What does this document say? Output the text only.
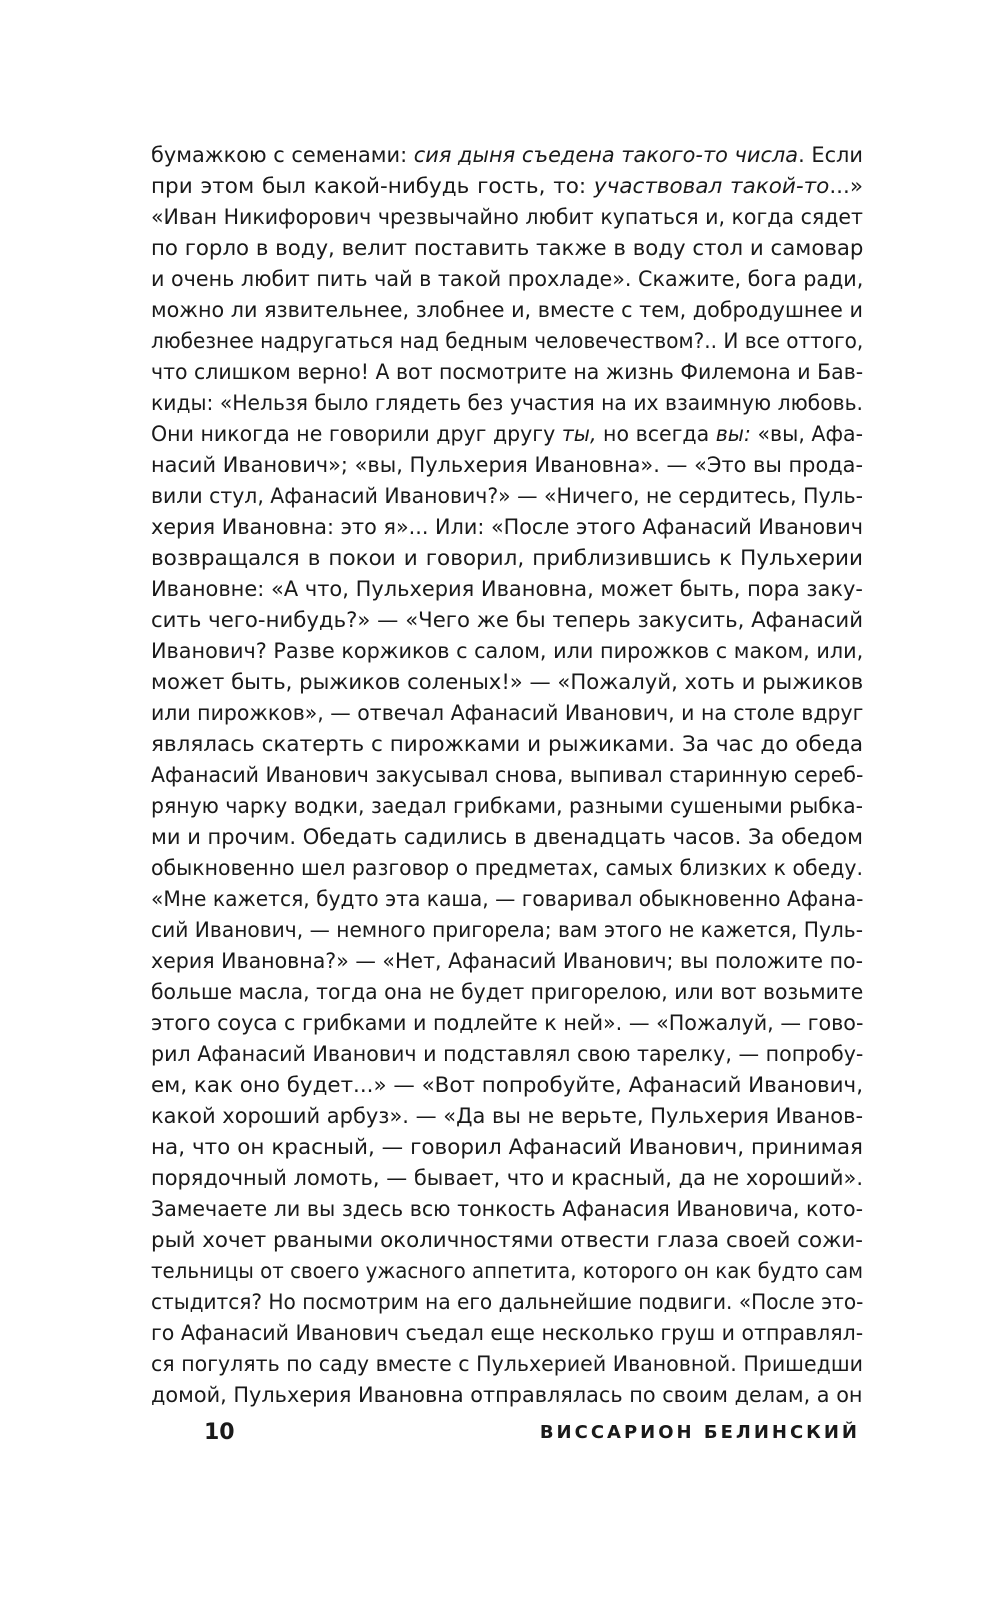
бумажкою с семенами: сия дыня съедена такого-то числа. Если
при этом был какой-нибудь гость, то: участвовал такой-то...»
«Иван Никифорович чрезвычайно любит купаться и, когда сядет
по горло в воду, велит поставить также в воду стол и самовар
и очень любит пить чай в такой прохладе». Скажите, бога ради,
можно ли язвительнее, злобнее и, вместе с тем, добродушнее и
любезнее надругаться над бедным человечеством?.. И все оттого,
что слишком верно! А вот посмотрите на жизнь Филемона и Бав-
киды: «Нельзя было глядеть без участия на их взаимную любовь.
Они никогда не говорили друг другу ты, но всегда вы: «вы, Афа-
насий Иванович»; «вы, Пульхерия Ивановна». — «Это вы прода-
вили стул, Афанасий Иванович?» — «Ничего, не сердитесь, Пуль-
херия Ивановна: это я»... Или: «После этого Афанасий Иванович
возвращался в покои и говорил, приблизившись к Пульхерии
Ивановне: «А что, Пульхерия Ивановна, может быть, пора заку-
сить чего-нибудь?» — «Чего же бы теперь закусить, Афанасий
Иванович? Разве коржиков с салом, или пирожков с маком, или,
может быть, рыжиков соленых!» — «Пожалуй, хоть и рыжиков
или пирожков», — отвечал Афанасий Иванович, и на столе вдруг
являлась скатерть с пирожками и рыжиками. За час до обеда
Афанасий Иванович закусывал снова, выпивал старинную сереб-
ряную чарку водки, заедал грибками, разными сушеными рыбка-
ми и прочим. Обедать садились в двенадцать часов. За обедом
обыкновенно шел разговор о предметах, самых близких к обеду.
«Мне кажется, будто эта каша, — говаривал обыкновенно Афана-
сий Иванович, — немного пригорела; вам этого не кажется, Пуль-
херия Ивановна?» — «Нет, Афанасий Иванович; вы положите по-
больше масла, тогда она не будет пригорелою, или вот возьмите
этого соуса с грибками и подлейте к ней». — «Пожалуй, — гово-
рил Афанасий Иванович и подставлял свою тарелку, — попробу-
ем, как оно будет...» — «Вот попробуйте, Афанасий Иванович,
какой хороший арбуз». — «Да вы не верьте, Пульхерия Иванов-
на, что он красный, — говорил Афанасий Иванович, принимая
порядочный ломоть, — бывает, что и красный, да не хороший».
Замечаете ли вы здесь всю тонкость Афанасия Ивановича, кото-
рый хочет рваными околичностями отвести глаза своей сожи-
тельницы от своего ужасного аппетита, которого он как будто сам
стыдится? Но посмотрим на его дальнейшие подвиги. «После это-
го Афанасий Иванович съедал еще несколько груш и отправлял-
ся погулять по саду вместе с Пульхерией Ивановной. Пришедши
домой, Пульхерия Ивановна отправлялась по своим делам, а он
10	ВИССАРИОН БЕЛИНСКИЙ
